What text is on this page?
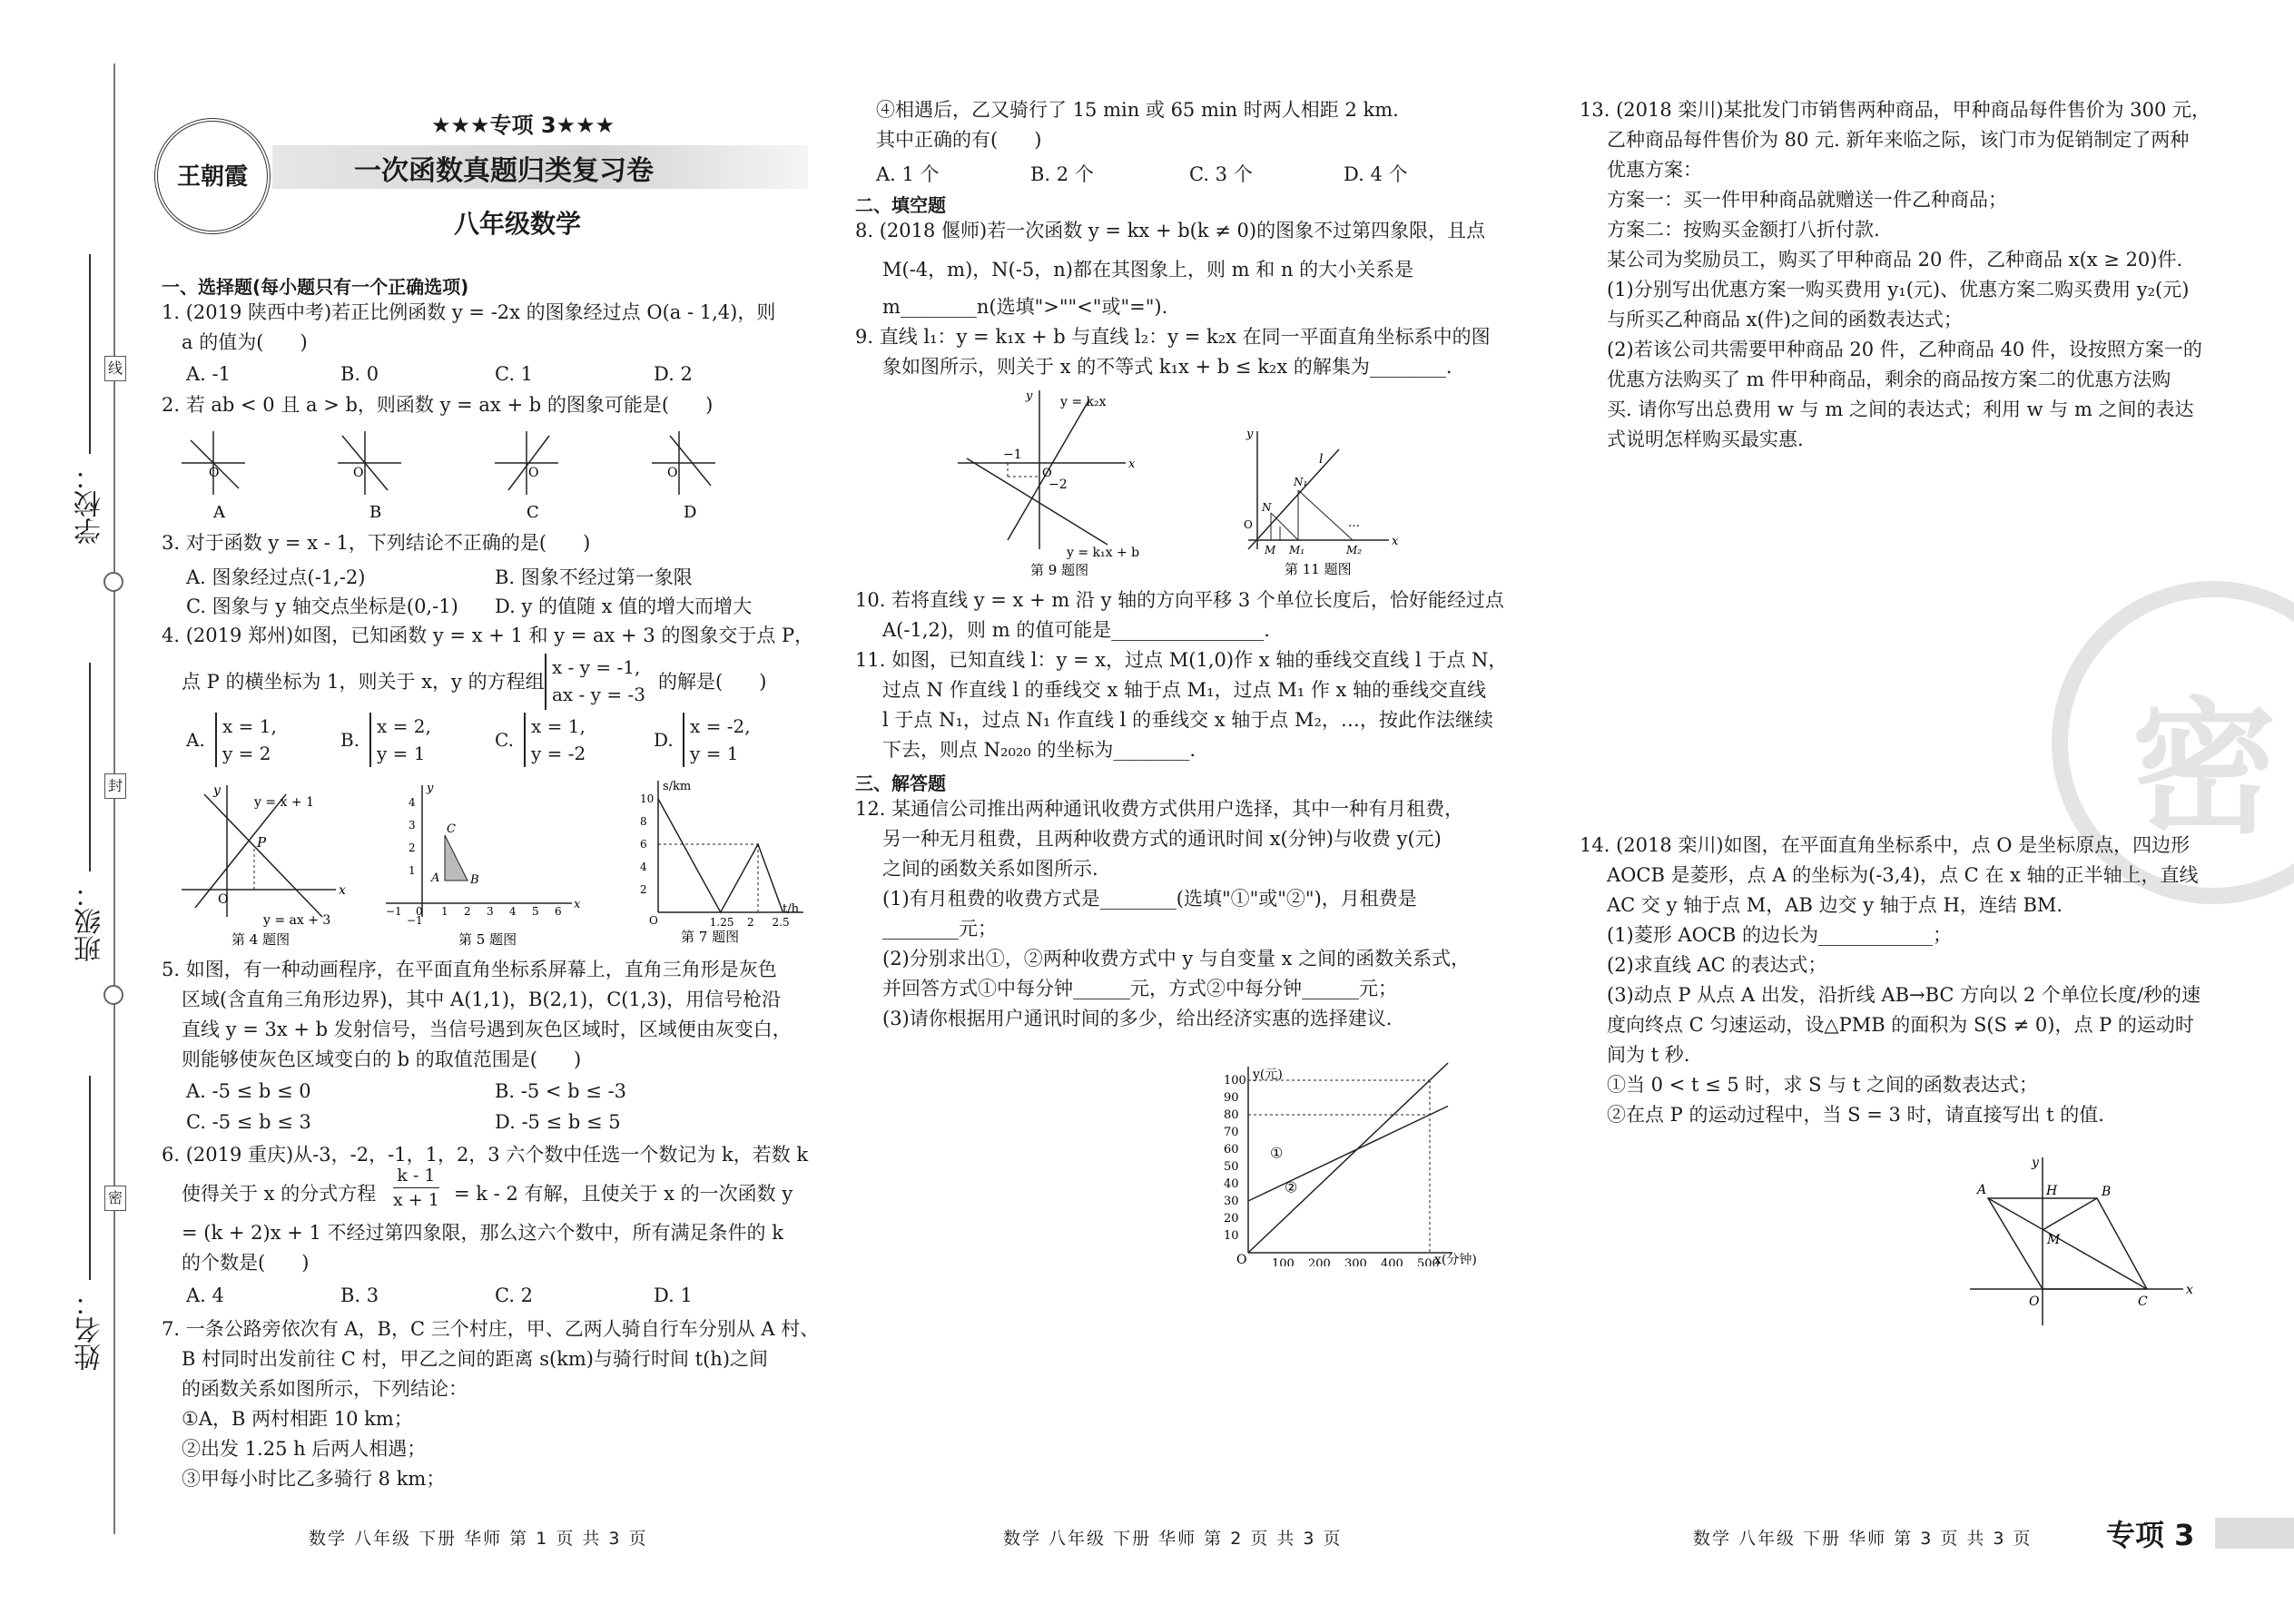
学校：
班级：
姓名：
线
封
密
王朝霞
★★★专项 3★★★
一次函数真题归类复习卷
八年级数学
一、选择题(每小题只有一个正确选项)
1. (2019 陕西中考)若正比例函数 y = -2x 的图象经过点 O(a - 1,4)，则
a 的值为(      )
A. -1	B. 0	C. 1	D. 2
2. 若 ab < 0 且 a > b，则函数 y = ax + b 的图象可能是(      )
O
A
O
B
O
C
O
D
3. 对于函数 y = x - 1，下列结论不正确的是(      )
A. 图象经过点(-1,-2)	B. 图象不经过第一象限
C. 图象与 y 轴交点坐标是(0,-1) D. y 的值随 x 值的增大而增大
4. (2019 郑州)如图，已知函数 y = x + 1 和 y = ax + 3 的图象交于点 P，
点 P 的横坐标为 1，则关于 x，y 的方程组
x - y = -1,
ax - y = -3
的解是(      )
A.
x = 1,
y = 2
B.
x = 2,
y = 1
C.
x = 1,
y = -2
D.
x = -2,
y = 1
P
O
x
y
y = x + 1
y = ax + 3
第 4 题图
A	B
C
4
3
2
1
−1 0 1 2 3 4 5 6
−1
x
y
第 5 题图
s/km
t/h
O
2
4
6
8
10
1.25 2 2.5
第 7 题图
5. 如图，有一种动画程序，在平面直角坐标系屏幕上，直角三角形是灰色
区域(含直角三角形边界)，其中 A(1,1)，B(2,1)，C(1,3)，用信号枪沿
直线 y = 3x + b 发射信号，当信号遇到灰色区域时，区域便由灰变白，
则能够使灰色区域变白的 b 的取值范围是(      )
A. -5 ≤ b ≤ 0	B. -5 < b ≤ -3
C. -5 ≤ b ≤ 3	D. -5 ≤ b ≤ 5
6. (2019 重庆)从-3，-2，-1，1，2，3 六个数中任选一个数记为 k，若数 k
使得关于 x 的分式方程
k - 1
x + 1 = k - 2 有解，且使关于 x 的一次函数 y
= (k + 2)x + 1 不经过第四象限，那么这六个数中，所有满足条件的 k
的个数是(      )
A. 4	B. 3	C. 2	D. 1
7. 一条公路旁依次有 A，B，C 三个村庄，甲、乙两人骑自行车分别从 A 村、
B 村同时出发前往 C 村，甲乙之间的距离 s(km)与骑行时间 t(h)之间
的函数关系如图所示，下列结论：
①A，B 两村相距 10 km；
②出发 1.25 h 后两人相遇；
③甲每小时比乙多骑行 8 km；
数学 八年级 下册 华师 第 1 页 共 3 页
④相遇后，乙又骑行了 15 min 或 65 min 时两人相距 2 km.
其中正确的有(      )
A. 1 个	B. 2 个	C. 3 个	D. 4 个
二、填空题
8. (2018 偃师)若一次函数 y = kx + b(k ≠ 0)的图象不过第四象限，且点
M(-4，m)，N(-5，n)都在其图象上，则 m 和 n 的大小关系是
m________n(选填">""<"或"=").
9. 直线 l₁：y = k₁x + b 与直线 l₂：y = k₂x 在同一平面直角坐标系中的图
象如图所示，则关于 x 的不等式 k₁x + b ≤ k₂x 的解集为________.
−1
−2
O
x
y y = k₂x
y = k₁x + b
第 9 题图
…
l
N
N₁
M M₁	M₂
O
x
y
第 11 题图
10. 若将直线 y = x + m 沿 y 轴的方向平移 3 个单位长度后，恰好能经过点
A(-1,2)，则 m 的值可能是________________.
11. 如图，已知直线 l：y = x，过点 M(1,0)作 x 轴的垂线交直线 l 于点 N，
过点 N 作直线 l 的垂线交 x 轴于点 M₁，过点 M₁ 作 x 轴的垂线交直线
l 于点 N₁，过点 N₁ 作直线 l 的垂线交 x 轴于点 M₂，…，按此作法继续
下去，则点 N₂₀₂₀ 的坐标为________.
三、解答题
12. 某通信公司推出两种通讯收费方式供用户选择，其中一种有月租费，
另一种无月租费，且两种收费方式的通讯时间 x(分钟)与收费 y(元)
之间的函数关系如图所示.
(1)有月租费的收费方式是________(选填"①"或"②")，月租费是
________元；
(2)分别求出①，②两种收费方式中 y 与自变量 x 之间的函数关系式，
并回答方式①中每分钟______元，方式②中每分钟______元；
(3)请你根据用户通讯时间的多少，给出经济实惠的选择建议.
y(元)
x(分钟)
O
10
20
30
40
50
60
70
80
90
100
100 200 300 400 500
①
②
数学 八年级 下册 华师 第 2 页 共 3 页
13. (2018 栾川)某批发门市销售两种商品，甲种商品每件售价为 300 元，
乙种商品每件售价为 80 元. 新年来临之际，该门市为促销制定了两种
优惠方案：
方案一：买一件甲种商品就赠送一件乙种商品；
方案二：按购买金额打八折付款.
某公司为奖励员工，购买了甲种商品 20 件，乙种商品 x(x ≥ 20)件.
(1)分别写出优惠方案一购买费用 y₁(元)、优惠方案二购买费用 y₂(元)
与所买乙种商品 x(件)之间的函数表达式；
(2)若该公司共需要甲种商品 20 件，乙种商品 40 件，设按照方案一的
优惠方法购买了 m 件甲种商品，剩余的商品按方案二的优惠方法购
买. 请你写出总费用 w 与 m 之间的表达式；利用 w 与 m 之间的表达
式说明怎样购买最实惠.
密
14. (2018 栾川)如图，在平面直角坐标系中，点 O 是坐标原点，四边形
AOCB 是菱形，点 A 的坐标为(-3,4)，点 C 在 x 轴的正半轴上，直线
AC 交 y 轴于点 M，AB 边交 y 轴于点 H，连结 BM.
(1)菱形 AOCB 的边长为____________；
(2)求直线 AC 的表达式；
(3)动点 P 从点 A 出发，沿折线 AB→BC 方向以 2 个单位长度/秒的速
度向终点 C 匀速运动，设△PMB 的面积为 S(S ≠ 0)，点 P 的运动时
间为 t 秒.
①当 0 < t ≤ 5 时，求 S 与 t 之间的函数表达式；
②在点 P 的运动过程中，当 S = 3 时，请直接写出 t 的值.
A	H	B
M
O	C
x
y
数学 八年级 下册 华师 第 3 页 共 3 页	专项 3
